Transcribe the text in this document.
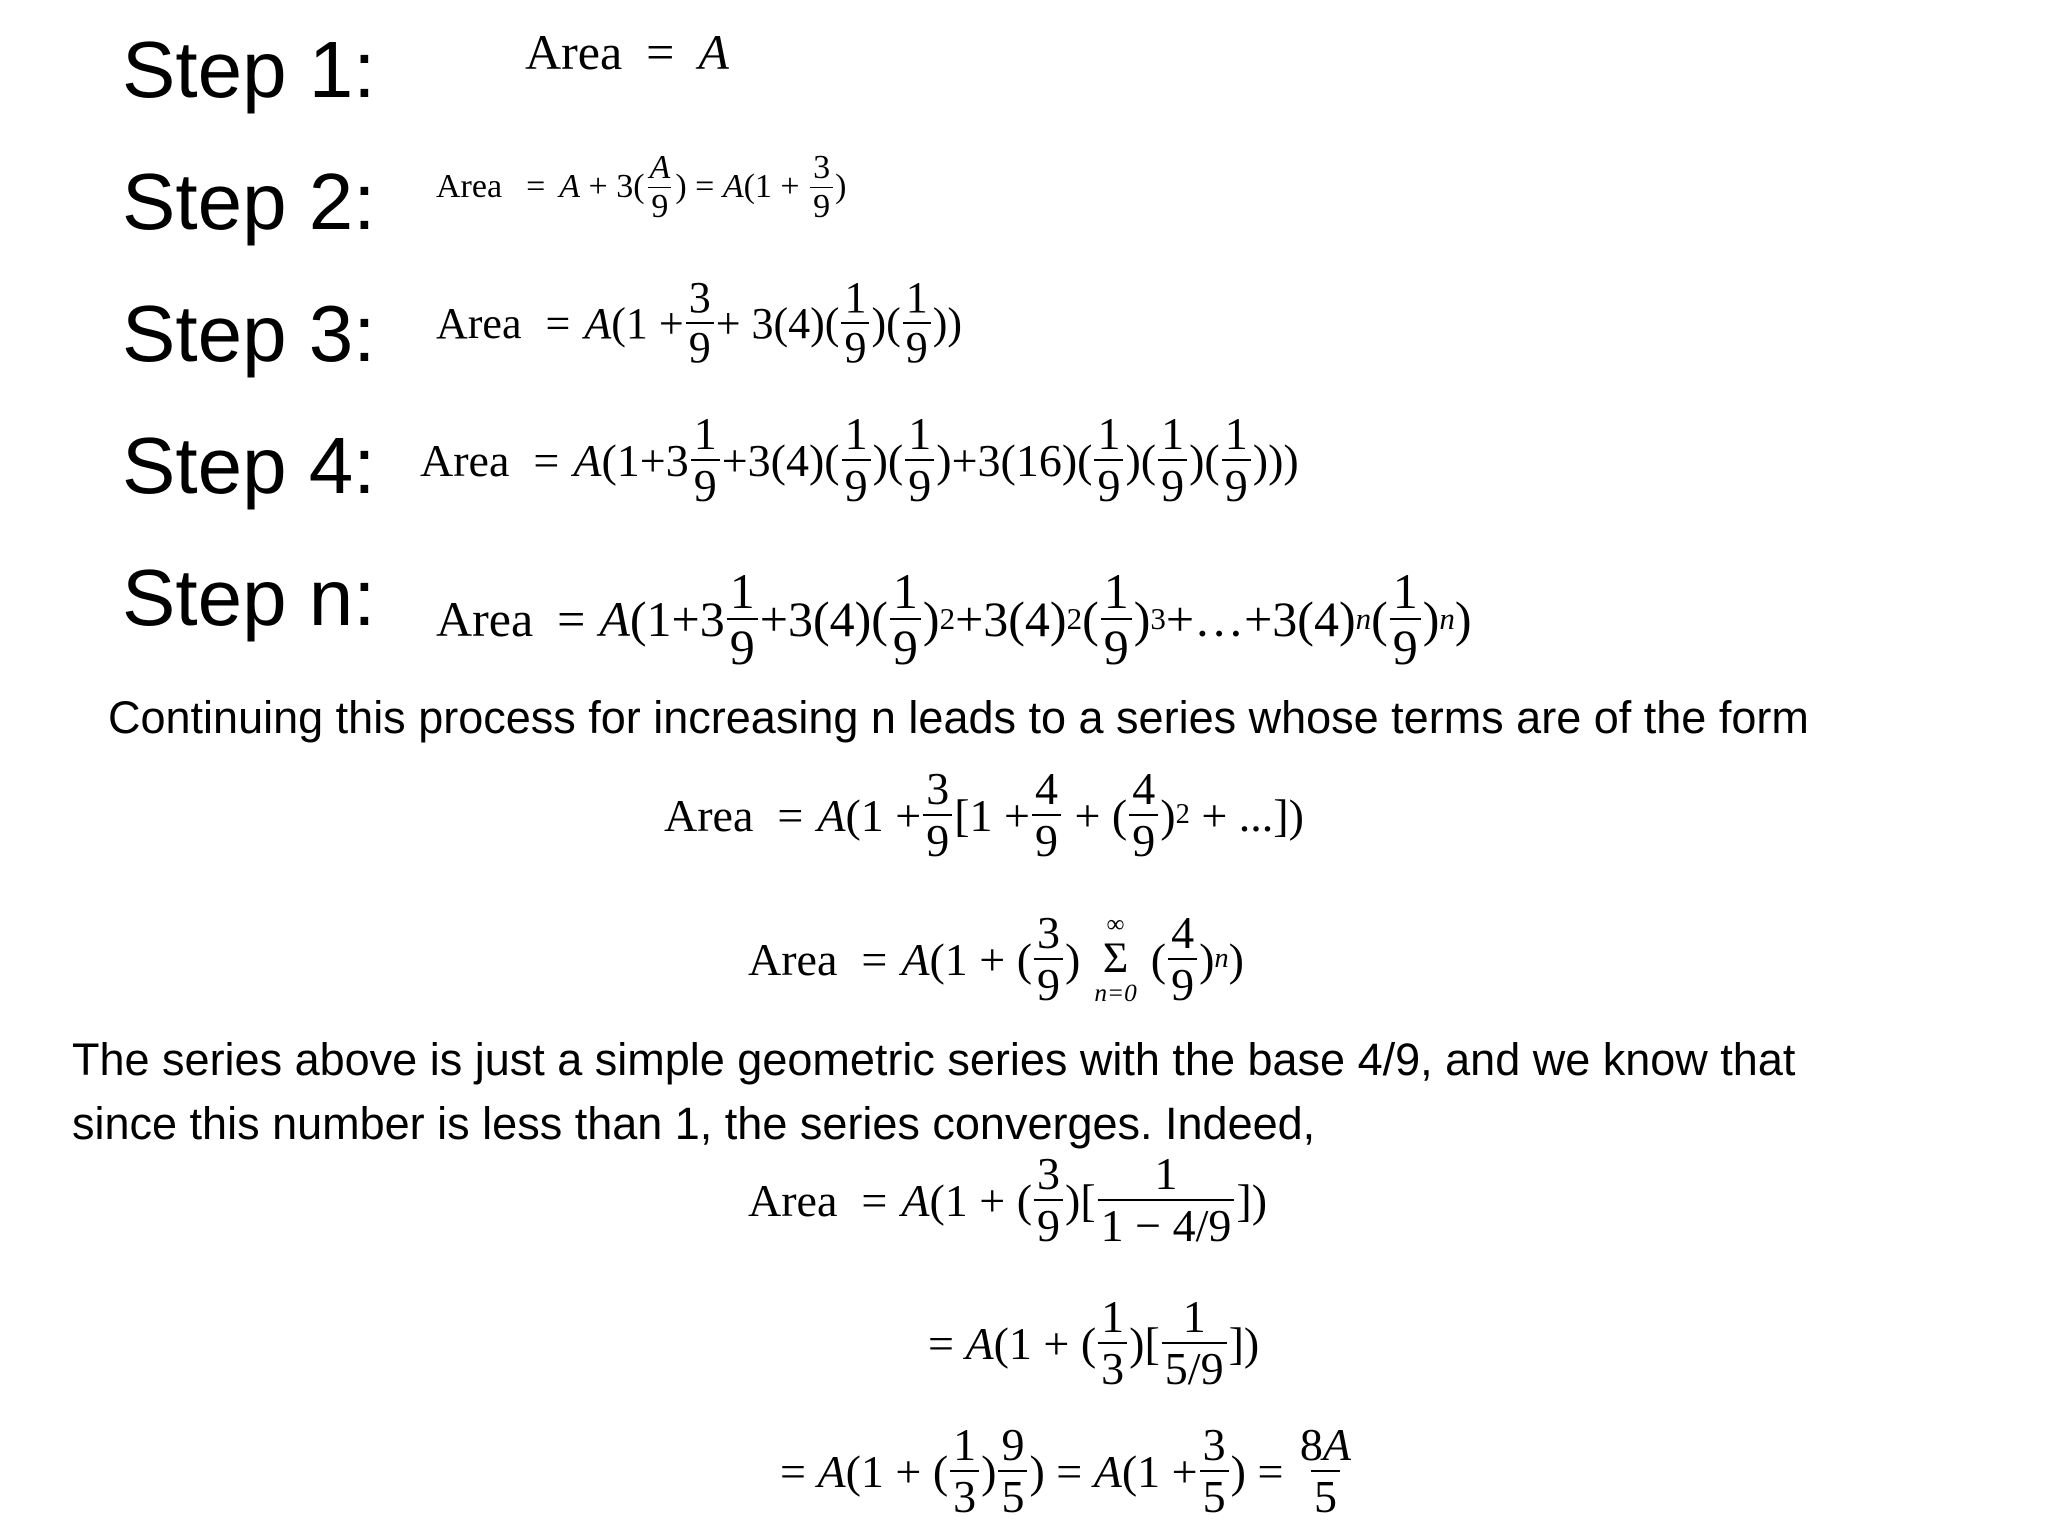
Step 1:
Step 2:
Step 3:
Step 4:
Step n:
Area = A
Area = $A + 3( \frac{A}{9}$ ) = A ($1 + \frac{3}{9}$ )
Area = A ($1 + \frac{3}{9} + 3(4)( \frac{1}{9}$ )( $\frac{1}{9}$ ))
Area = A ($1+3 \frac{1}{9} +3(4)( \frac{1}{9}$ )( $\frac{1}{9} )+3(16)( \frac{1}{9}$ )( $\frac{1}{9}$ )( $\frac{1}{9}$ )))
Area = A ($1+3 \frac{1}{9} +3(4)( \frac{1}{9}$ ) 2 +3(4) 2 ( $\frac{1}{9}$ ) 3 +…+3(4) n ( $\frac{1}{9}$ ) n )
Continuing this process for increasing n leads to a series whose terms are of the form
Area = A ($1 + \frac{3}{9} [1 + \frac{4}{9}$ + ( $\frac{4}{9}$ ) 2 + ...])
Area = A (1 + ( $\frac{3}{9}$ )
∞
Σ
n=0
( $\frac{4}{9}$ ) n )
The series above is just a simple geometric series with the base 4/9, and we know that
since this number is less than 1, the series converges. Indeed,
Area = A (1 + ( $\frac{3}{9}$ )[ $\frac{1}{1 - 4/9}$ ])
= A (1 + ( $\frac{1}{3}$ )[ $\frac{1}{5/9}$ ])
= A (1 + ( $\frac{1}{3}$ ) $\frac{9}{5}$ ) = A ($1 + \frac{3}{5}$ ) = $\frac{8A}{5}$
